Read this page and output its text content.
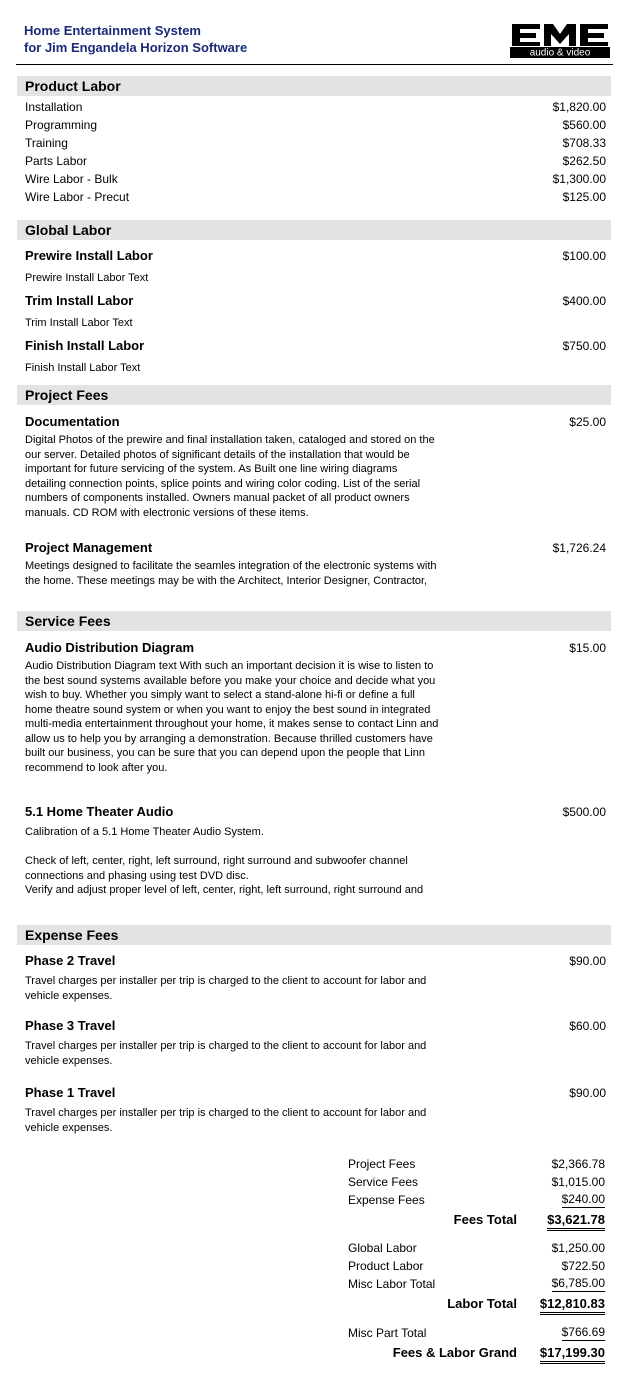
Home Entertainment System
for Jim Engandela Horizon Software	audio & video
Product Labor
Installation	$1,820.00
Programming	$560.00
Training	$708.33
Parts Labor	$262.50
Wire Labor - Bulk	$1,300.00
Wire Labor - Precut	$125.00
Global Labor
Prewire Install Labor	$100.00
Prewire Install Labor Text
Trim Install Labor	$400.00
Trim Install Labor Text
Finish Install Labor	$750.00
Finish Install Labor Text
Project Fees
Documentation	$25.00
Digital Photos of the prewire and final installation taken, cataloged and stored on the
our server. Detailed photos of significant details of the installation that would be
important for future servicing of the system. As Built one line wiring diagrams
detailing connection points, splice points and wiring color coding. List of the serial
numbers of components installed. Owners manual packet of all product owners
manuals. CD ROM with electronic versions of these items.
Project Management	$1,726.24
Meetings designed to facilitate the seamles integration of the electronic systems with
the home. These meetings may be with the Architect, Interior Designer, Contractor,
Service Fees
Audio Distribution Diagram	$15.00
Audio Distribution Diagram text With such an important decision it is wise to listen to
the best sound systems available before you make your choice and decide what you
wish to buy. Whether you simply want to select a stand-alone hi-fi or define a full
home theatre sound system or when you want to enjoy the best sound in integrated
multi-media entertainment throughout your home, it makes sense to contact Linn and
allow us to help you by arranging a demonstration. Because thrilled customers have
built our business, you can be sure that you can depend upon the people that Linn
recommend to look after you.
5.1 Home Theater Audio	$500.00
Calibration of a 5.1 Home Theater Audio System.

Check of left, center, right, left surround, right surround and subwoofer channel
connections and phasing using test DVD disc.
Verify and adjust proper level of left, center, right, left surround, right surround and
Expense Fees
Phase 2 Travel	$90.00
Travel charges per installer per trip is charged to the client to account for labor and
vehicle expenses.
Phase 3 Travel	$60.00
Travel charges per installer per trip is charged to the client to account for labor and
vehicle expenses.
Phase 1 Travel	$90.00
Travel charges per installer per trip is charged to the client to account for labor and
vehicle expenses.
Project Fees	$2,366.78
Service Fees	$1,015.00
Expense Fees	$240.00
Fees Total $3,621.78
Global Labor	$1,250.00
Product Labor	$722.50
Misc Labor Total	$6,785.00
Labor Total $12,810.83
Misc Part Total	$766.69
Fees & Labor Grand $17,199.30
